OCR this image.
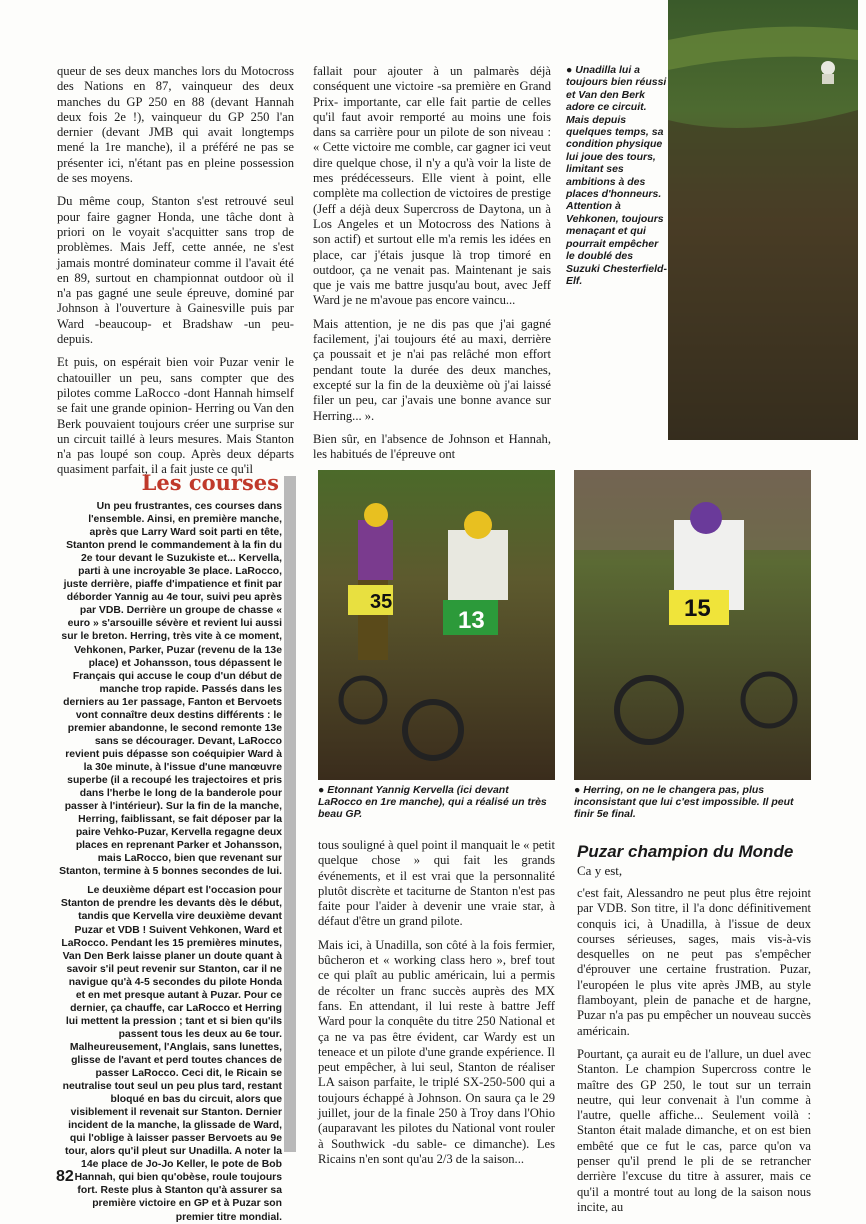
queur de ses deux manches lors du Motocross des Nations en 87, vainqueur des deux manches du GP 250 en 88 (devant Hannah deux fois 2e !), vainqueur du GP 250 l'an dernier (devant JMB qui avait longtemps mené la 1re manche), il a préféré ne pas se présenter ici, n'étant pas en pleine possession de ses moyens.

Du même coup, Stanton s'est retrouvé seul pour faire gagner Honda, une tâche dont à priori on le voyait s'acquitter sans trop de problèmes. Mais Jeff, cette année, ne s'est jamais montré dominateur comme il l'avait été en 89, surtout en championnat outdoor où il n'a pas gagné une seule épreuve, dominé par Johnson à l'ouverture à Gainesville puis par Ward -beaucoup- et Bradshaw -un peu- depuis.

Et puis, on espérait bien voir Puzar venir le chatouiller un peu, sans compter que des pilotes comme LaRocco -dont Hannah himself se fait une grande opinion- Herring ou Van den Berk pouvaient toujours créer une surprise sur un circuit taillé à leurs mesures. Mais Stanton n'a pas loupé son coup. Après deux départs quasiment parfait, il a fait juste ce qu'il

fallait pour ajouter à un palmarès déjà conséquent une victoire -sa première en Grand Prix- importante, car elle fait partie de celles qu'il faut avoir remporté au moins une fois dans sa carrière pour un pilote de son niveau : « Cette victoire me comble, car gagner ici veut dire quelque chose, il n'y a qu'à voir la liste de mes prédécesseurs. Elle vient à point, elle complète ma collection de victoires de prestige (Jeff a déjà deux Supercross de Daytona, un à Los Angeles et un Motocross des Nations à son actif) et surtout elle m'a remis les idées en place, car j'étais jusque là trop timoré en outdoor, ça ne venait pas. Maintenant je sais que je vais me battre jusqu'au bout, avec Jeff Ward je ne m'avoue pas encore vaincu...

Mais attention, je ne dis pas que j'ai gagné facilement, j'ai toujours été au maxi, derrière ça poussait et je n'ai pas relâché mon effort pendant toute la durée des deux manches, excepté sur la fin de la deuxième où j'ai laissé filer un peu, car j'avais une bonne avance sur Herring... ».

Bien sûr, en l'absence de Johnson et Hannah, les habitués de l'épreuve ont

● Unadilla lui a toujours bien réussi et Van den Berk adore ce circuit. Mais depuis quelques temps, sa condition physique lui joue des tours, limitant ses ambitions à des places d'honneurs. Attention à Vehkonen, toujours menaçant et qui pourrait empêcher le doublé des Suzuki Chesterfield-Elf.
Les courses
Un peu frustrantes, ces courses dans l'ensemble. Ainsi, en première manche, après que Larry Ward soit parti en tête, Stanton prend le commandement à la fin du 2e tour devant le Suzukiste et... Kervella, parti à une incroyable 3e place. LaRocco, juste derrière, piaffe d'impatience et finit par déborder Yannig au 4e tour, suivi peu après par VDB. Derrière un groupe de chasse « euro » s'arsouille sévère et revient lui aussi sur le breton. Herring, très vite à ce moment, Vehkonen, Parker, Puzar (revenu de la 13e place) et Johansson, tous dépassent le Français qui accuse le coup d'un début de manche trop rapide. Passés dans les derniers au 1er passage, Fanton et Bervoets vont connaître deux destins différents : le premier abandonne, le second remonte 13e sans se décourager. Devant, LaRocco revient puis dépasse son coéquipier Ward à la 30e minute, à l'issue d'une manœuvre superbe (il a recoupé les trajectoires et pris dans l'herbe le long de la banderole pour passer à l'intérieur). Sur la fin de la manche, Herring, faiblissant, se fait déposer par la paire Vehko-Puzar, Kervella regagne deux places en reprenant Parker et Johansson, mais LaRocco, bien que revenant sur Stanton, termine à 5 bonnes secondes de lui.
Le deuxième départ est l'occasion pour Stanton de prendre les devants dès le début, tandis que Kervella vire deuxième devant Puzar et VDB ! Suivent Vehkonen, Ward et LaRocco. Pendant les 15 premières minutes, Van Den Berk laisse planer un doute quant à savoir s'il peut revenir sur Stanton, car il ne navigue qu'à 4-5 secondes du pilote Honda et en met presque autant à Puzar. Pour ce dernier, ça chauffe, car LaRocco et Herring lui mettent la pression ; tant et si bien qu'ils passent tous les deux au 6e tour. Malheureusement, l'Anglais, sans lunettes, glisse de l'avant et perd toutes chances de passer LaRocco. Ceci dit, le Ricain se neutralise tout seul un peu plus tard, restant bloqué en bas du circuit, alors que visiblement il revenait sur Stanton. Dernier incident de la manche, la glissade de Ward, qui l'oblige à laisser passer Bervoets au 9e tour, alors qu'il pleut sur Unadilla. A noter la 14e place de Jo-Jo Keller, le pote de Bob Hannah, qui bien qu'obèse, roule toujours fort. Reste plus à Stanton qu'à assurer sa première victoire en GP et à Puzar son premier titre mondial.
82
35
13
● Etonnant Yannig Kervella (ici devant LaRocco en 1re manche), qui a réalisé un très beau GP.
15
● Herring, on ne le changera pas, plus inconsistant que lui c'est impossible. Il peut finir 5e final.

tous souligné à quel point il manquait le « petit quelque chose » qui fait les grands événements, et il est vrai que la personnalité plutôt discrète et taciturne de Stanton n'est pas faite pour l'aider à devenir une vraie star, à défaut d'être un grand pilote.

Mais ici, à Unadilla, son côté à la fois fermier, bûcheron et « working class hero », bref tout ce qui plaît au public américain, lui a permis de récolter un franc succès auprès des MX fans. En attendant, il lui reste à battre Jeff Ward pour la conquête du titre 250 National et ça ne va pas être évident, car Wardy est un teneace et un pilote d'une grande expérience. Il peut empêcher, à lui seul, Stanton de réaliser LA saison parfaite, le triplé SX-250-500 qui a toujours échappé à Johnson. On saura ça le 29 juillet, jour de la finale 250 à Troy dans l'Ohio (auparavant les pilotes du National vont rouler à Southwick -du sable- ce dimanche). Les Ricains n'en sont qu'au 2/3 de la saison...

Puzar champion du Monde Ca y est,

c'est fait, Alessandro ne peut plus être rejoint par VDB. Son titre, il l'a donc définitivement conquis ici, à Unadilla, à l'issue de deux courses sérieuses, sages, mais vis-à-vis desquelles on ne peut pas s'empêcher d'éprouver une certaine frustration. Puzar, l'européen le plus vite après JMB, au style flamboyant, plein de panache et de hargne, Puzar n'a pas pu empêcher un nouveau succès américain.

Pourtant, ça aurait eu de l'allure, un duel avec Stanton. Le champion Supercross contre le maître des GP 250, le tout sur un terrain neutre, qui leur convenait à l'un comme à l'autre, quelle affiche... Seulement voilà : Stanton était malade dimanche, et on est bien embêté que ce fut le cas, parce qu'on va penser qu'il prend le pli de se retrancher derrière l'excuse du titre à assurer, mais ce qu'il a montré tout au long de la saison nous incite, au
